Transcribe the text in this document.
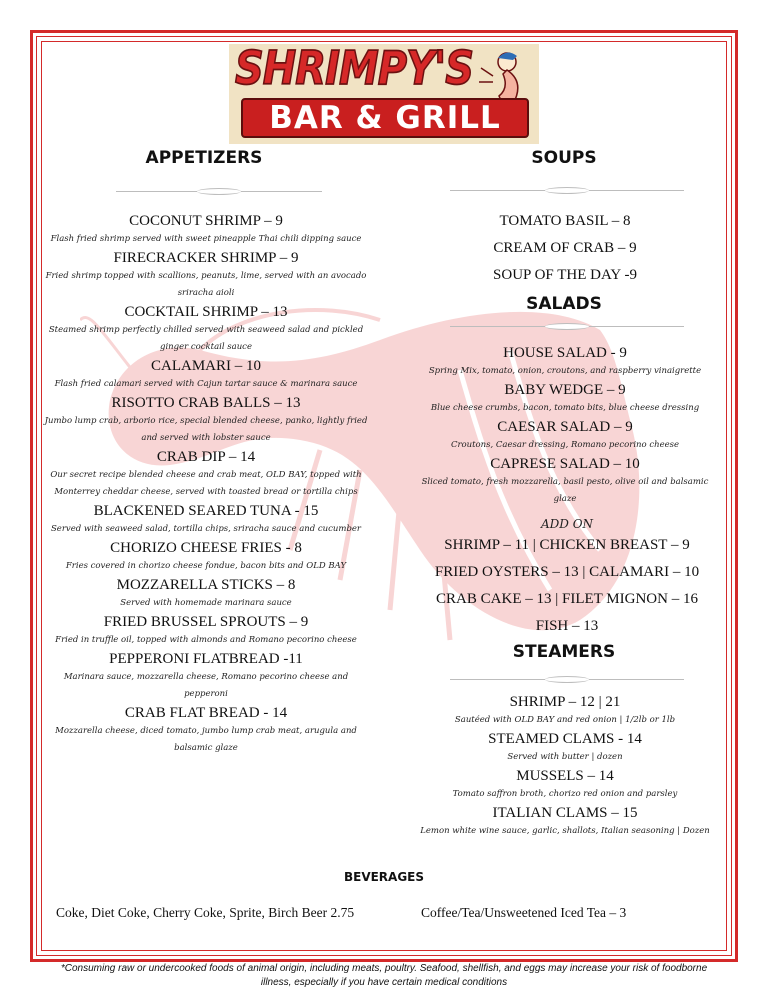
SHRIMPY'S
BAR & GRILL
APPETIZERS
COCONUT SHRIMP – 9
Flash fried shrimp served with sweet pineapple Thai chili dipping sauce
FIRECRACKER SHRIMP – 9
Fried shrimp topped with scallions, peanuts, lime, served with an avocado sriracha aioli
COCKTAIL SHRIMP – 13
Steamed shrimp perfectly chilled served with seaweed salad and pickled ginger cocktail sauce
CALAMARI – 10
Flash fried calamari served with Cajun tartar sauce & marinara sauce
RISOTTO CRAB BALLS – 13
Jumbo lump crab, arborio rice, special blended cheese, panko, lightly fried and served with lobster sauce
CRAB DIP – 14
Our secret recipe blended cheese and crab meat, OLD BAY, topped with Monterrey cheddar cheese, served with toasted bread or tortilla chips
BLACKENED SEARED TUNA - 15
Served with seaweed salad, tortilla chips, sriracha sauce and cucumber
CHORIZO CHEESE FRIES - 8
Fries covered in chorizo cheese fondue, bacon bits and OLD BAY
MOZZARELLA STICKS – 8
Served with homemade marinara sauce
FRIED BRUSSEL SPROUTS – 9
Fried in truffle oil, topped with almonds and Romano pecorino cheese
PEPPERONI FLATBREAD -11
Marinara sauce, mozzarella cheese, Romano pecorino cheese and pepperoni
CRAB FLAT BREAD - 14
Mozzarella cheese, diced tomato, jumbo lump crab meat, arugula and balsamic glaze
SOUPS
TOMATO BASIL – 8
CREAM OF CRAB – 9
SOUP OF THE DAY -9
SALADS
HOUSE SALAD - 9
Spring Mix, tomato, onion, croutons, and raspberry vinaigrette
BABY WEDGE – 9
Blue cheese crumbs, bacon, tomato bits, blue cheese dressing
CAESAR SALAD – 9
Croutons, Caesar dressing, Romano pecorino cheese
CAPRESE SALAD – 10
Sliced tomato, fresh mozzarella, basil pesto, olive oil and balsamic glaze
ADD ON
SHRIMP – 11 | CHICKEN BREAST – 9
FRIED OYSTERS – 13 | CALAMARI – 10
CRAB CAKE – 13 | FILET MIGNON – 16
FISH – 13
STEAMERS
SHRIMP – 12 | 21
Sautéed with OLD BAY and red onion | 1/2lb or 1lb
STEAMED CLAMS - 14
Served with butter | dozen
MUSSELS – 14
Tomato saffron broth, chorizo red onion and parsley
ITALIAN CLAMS – 15
Lemon white wine sauce, garlic, shallots, Italian seasoning | Dozen
BEVERAGES
Coke, Diet Coke, Cherry Coke, Sprite, Birch Beer 2.75	Coffee/Tea/Unsweetened Iced Tea – 3
*Consuming raw or undercooked foods of animal origin, including meats, poultry. Seafood, shellfish, and eggs may increase your risk of foodborne illness, especially if you have certain medical conditions
